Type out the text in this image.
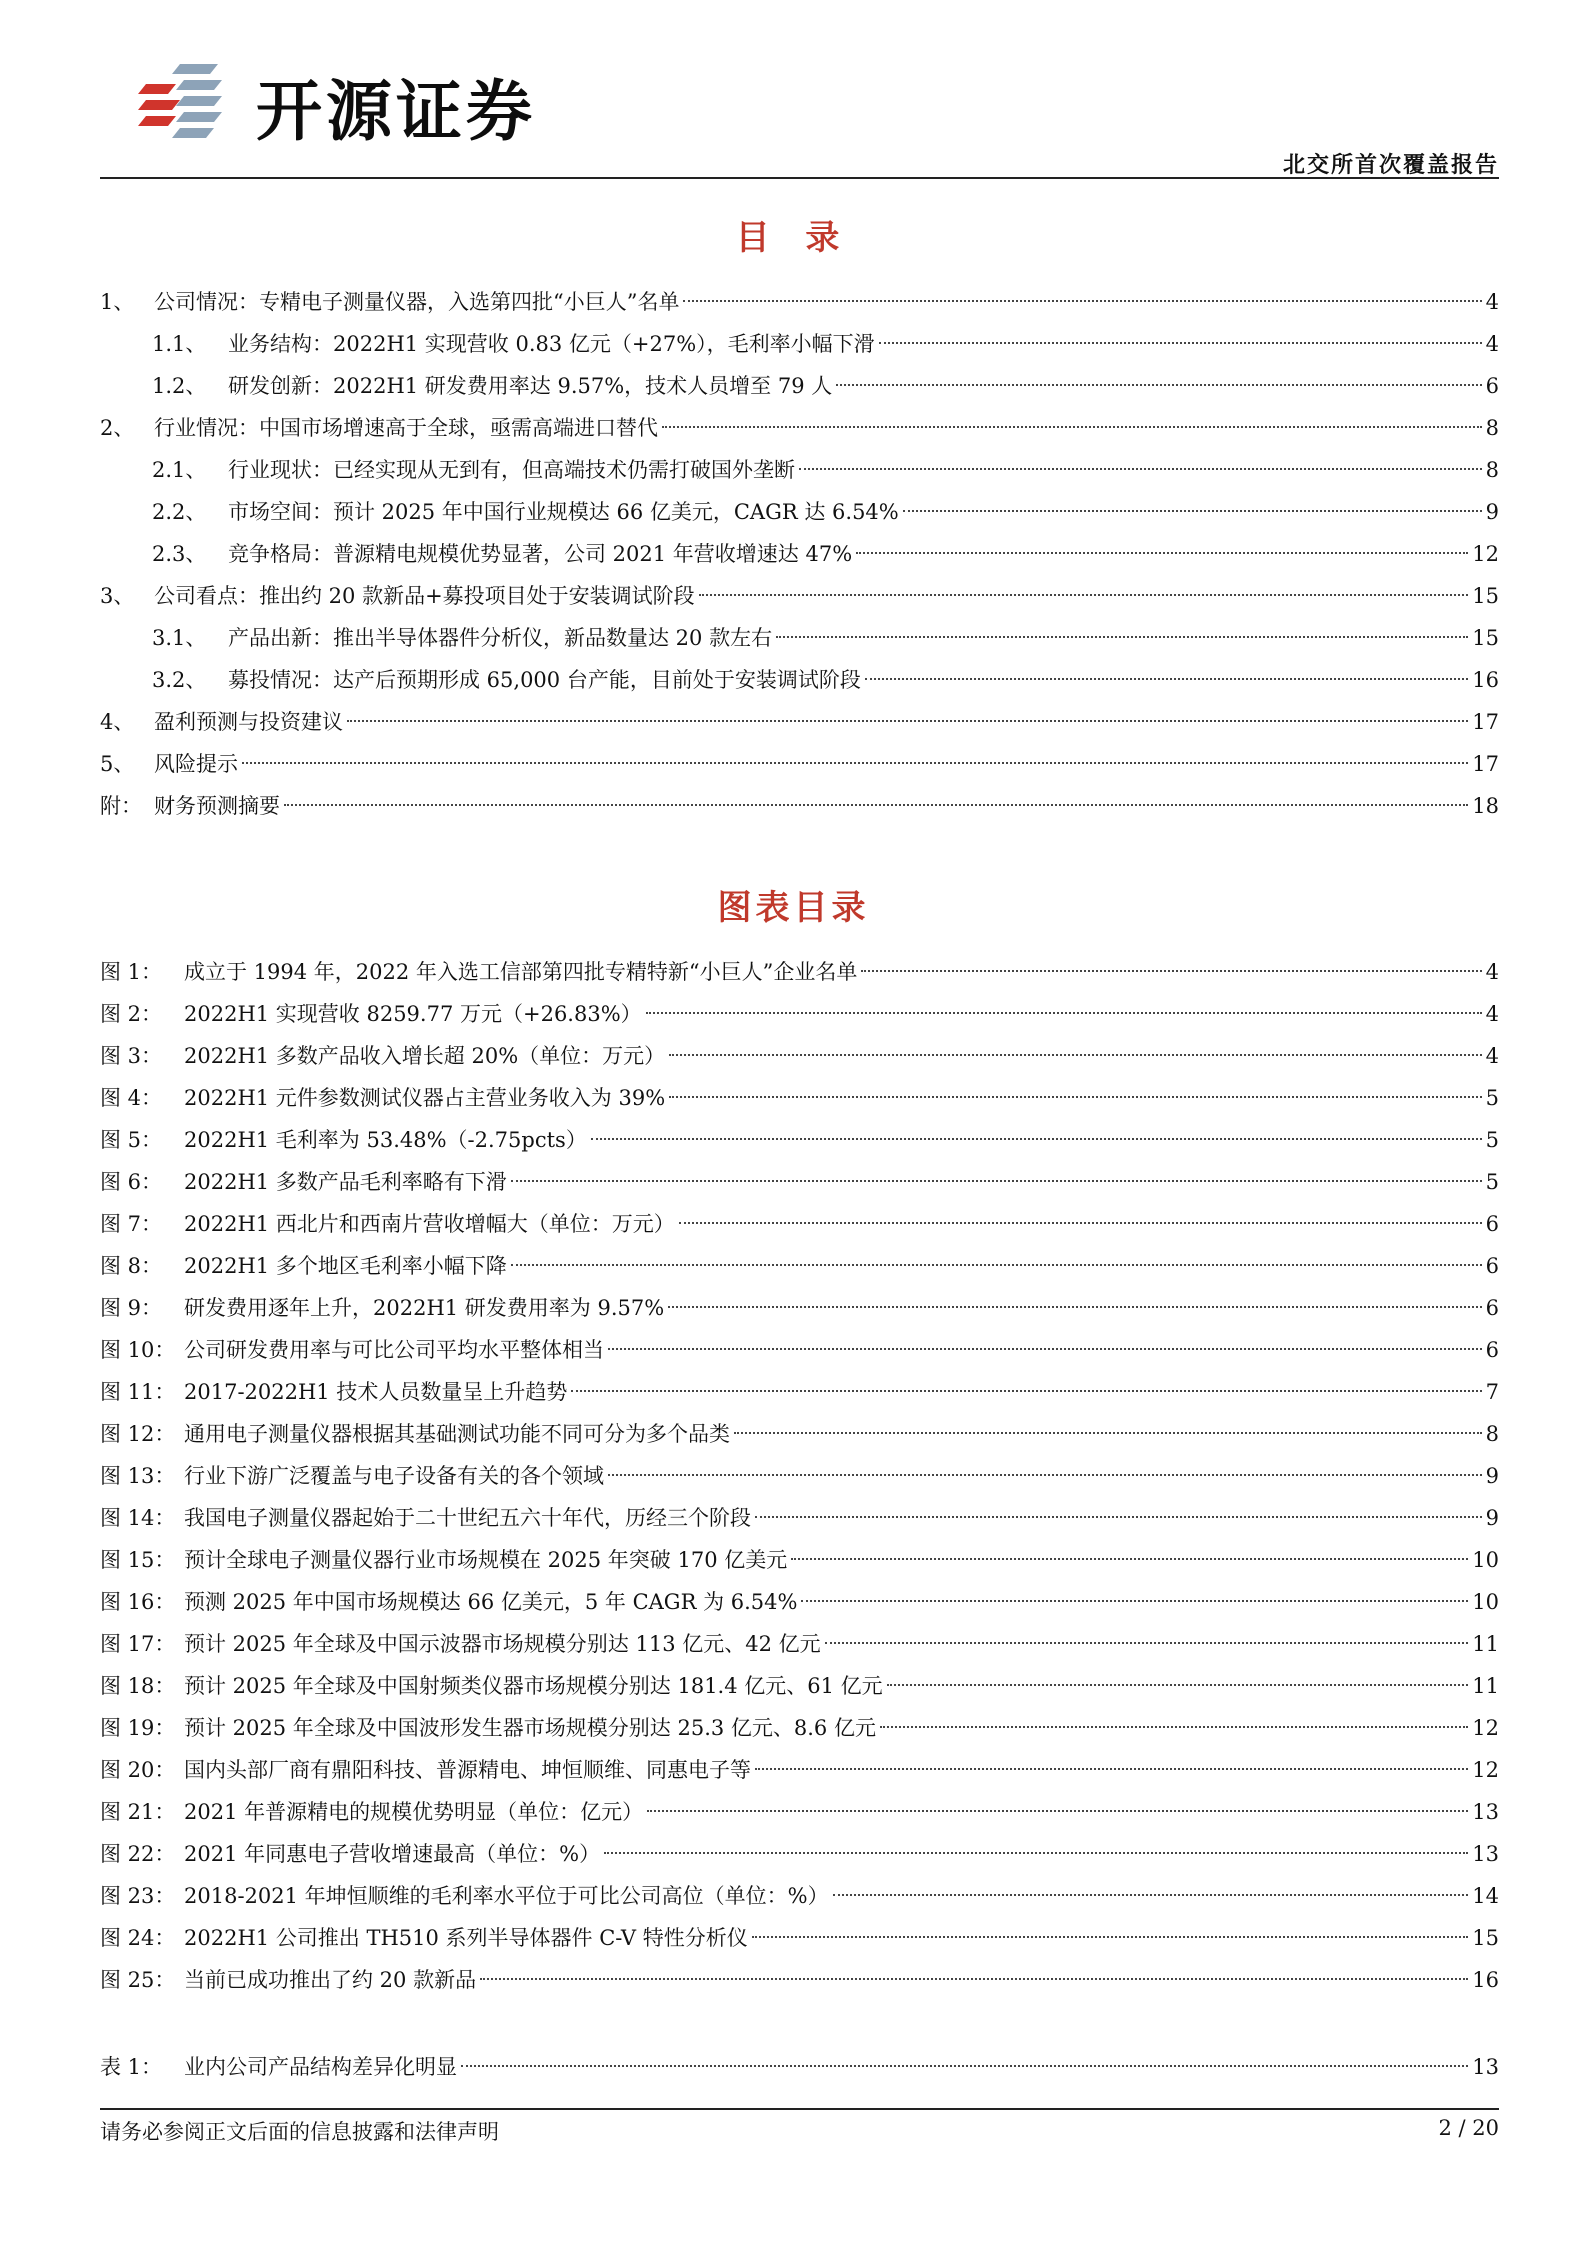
开源证券
北交所首次覆盖报告
目 录
1、 公司情况：专精电子测量仪器，入选第四批“小巨人”名单	4
1.1、	业务结构：2022H1 实现营收 0.83 亿元（+27%），毛利率小幅下滑	4
1.2、	研发创新：2022H1 研发费用率达 9.57%，技术人员增至 79 人	6
2、 行业情况：中国市场增速高于全球，亟需高端进口替代	8
2.1、	行业现状：已经实现从无到有，但高端技术仍需打破国外垄断	8
2.2、	市场空间：预计 2025 年中国行业规模达 66 亿美元，CAGR 达 6.54%	9
2.3、	竞争格局：普源精电规模优势显著，公司 2021 年营收增速达 47%	12
3、 公司看点：推出约 20 款新品+募投项目处于安装调试阶段	15
3.1、	产品出新：推出半导体器件分析仪，新品数量达 20 款左右	15
3.2、	募投情况：达产后预期形成 65,000 台产能，目前处于安装调试阶段	16
4、 盈利预测与投资建议	17
5、 风险提示	17
附： 财务预测摘要	18
图表目录
图 1：	成立于 1994 年，2022 年入选工信部第四批专精特新“小巨人”企业名单	4
图 2：	2022H1 实现营收 8259.77 万元（+26.83%）	4
图 3：	2022H1 多数产品收入增长超 20%（单位：万元）	4
图 4：	2022H1 元件参数测试仪器占主营业务收入为 39%	5
图 5：	2022H1 毛利率为 53.48%（-2.75pcts）	5
图 6：	2022H1 多数产品毛利率略有下滑	5
图 7：	2022H1 西北片和西南片营收增幅大（单位：万元）	6
图 8：	2022H1 多个地区毛利率小幅下降	6
图 9：	研发费用逐年上升，2022H1 研发费用率为 9.57%	6
图 10： 公司研发费用率与可比公司平均水平整体相当	6
图 11： 2017-2022H1 技术人员数量呈上升趋势	7
图 12： 通用电子测量仪器根据其基础测试功能不同可分为多个品类	8
图 13： 行业下游广泛覆盖与电子设备有关的各个领域	9
图 14： 我国电子测量仪器起始于二十世纪五六十年代，历经三个阶段	9
图 15： 预计全球电子测量仪器行业市场规模在 2025 年突破 170 亿美元	10
图 16： 预测 2025 年中国市场规模达 66 亿美元，5 年 CAGR 为 6.54%	10
图 17： 预计 2025 年全球及中国示波器市场规模分别达 113 亿元、42 亿元	11
图 18： 预计 2025 年全球及中国射频类仪器市场规模分别达 181.4 亿元、61 亿元	11
图 19： 预计 2025 年全球及中国波形发生器市场规模分别达 25.3 亿元、8.6 亿元	12
图 20： 国内头部厂商有鼎阳科技、普源精电、坤恒顺维、同惠电子等	12
图 21： 2021 年普源精电的规模优势明显（单位：亿元）	13
图 22： 2021 年同惠电子营收增速最高（单位：%）	13
图 23： 2018-2021 年坤恒顺维的毛利率水平位于可比公司高位（单位：%）	14
图 24： 2022H1 公司推出 TH510 系列半导体器件 C-V 特性分析仪	15
图 25： 当前已成功推出了约 20 款新品	16
表 1：	业内公司产品结构差异化明显	13
请务必参阅正文后面的信息披露和法律声明	2 / 20
